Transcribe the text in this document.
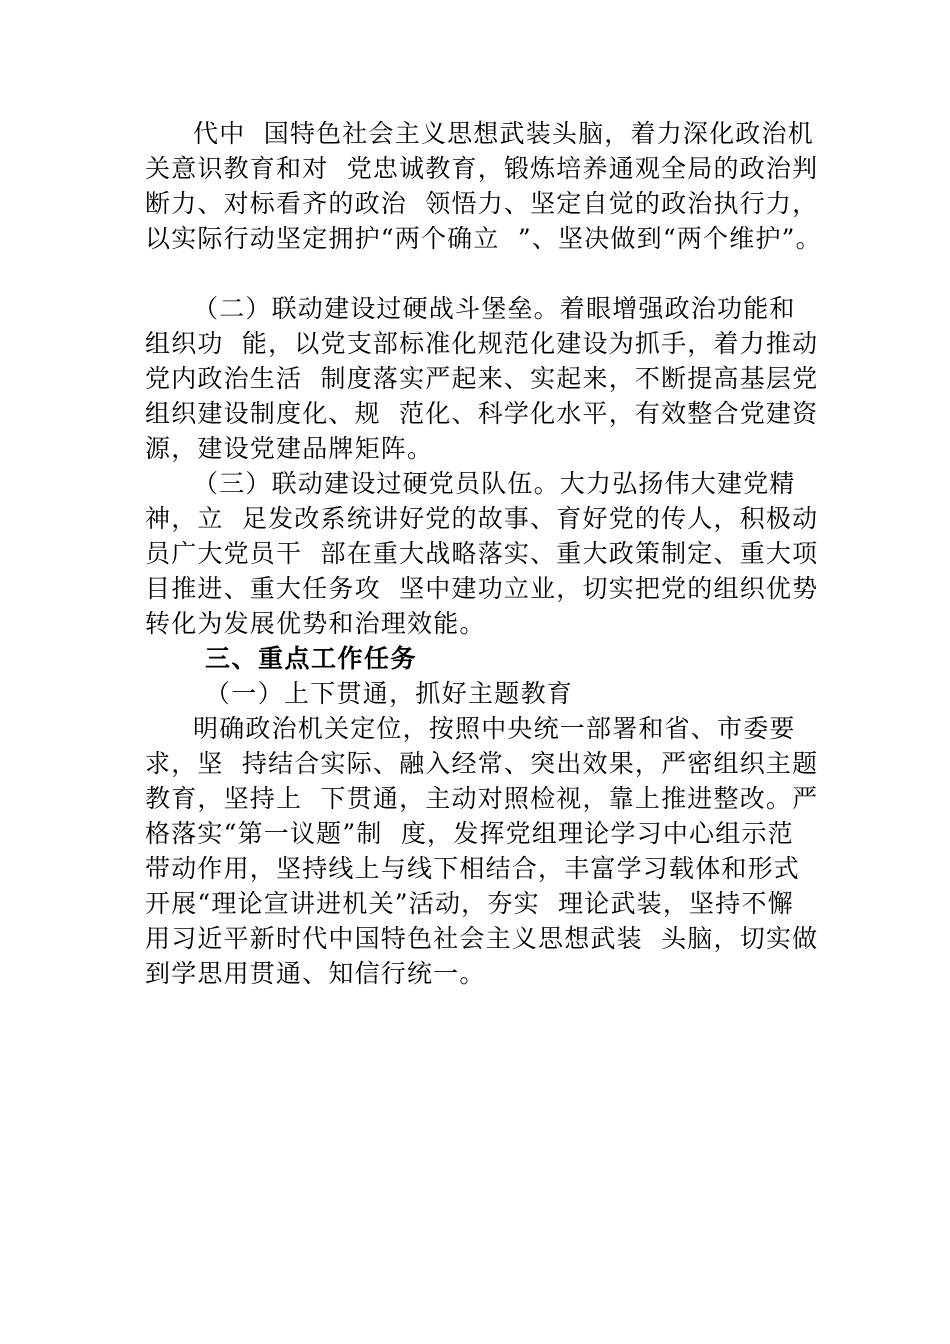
代中  国特色社会主义思想武装头脑，着力深化政治机
关意识教育和对  党忠诚教育，锻炼培养通观全局的政治判
断力、对标看齐的政治  领悟力、坚定自觉的政治执行力，
以实际行动坚定拥护“两个确立  ”、坚决做到“两个维护”。
（二）联动建设过硬战斗堡垒。着眼增强政治功能和
组织功  能，以党支部标准化规范化建设为抓手，着力推动
党内政治生活  制度落实严起来、实起来，不断提高基层党
组织建设制度化、规  范化、科学化水平，有效整合党建资
源，建设党建品牌矩阵。
（三）联动建设过硬党员队伍。大力弘扬伟大建党精
神，立  足发改系统讲好党的故事、育好党的传人，积极动
员广大党员干  部在重大战略落实、重大政策制定、重大项
目推进、重大任务攻  坚中建功立业，切实把党的组织优势
转化为发展优势和治理效能。
三、重点工作任务
（一）上下贯通，抓好主题教育
明确政治机关定位，按照中央统一部署和省、市委要
求，坚  持结合实际、融入经常、突出效果，严密组织主题
教育，坚持上  下贯通，主动对照检视，靠上推进整改。严
格落实“第一议题”制  度，发挥党组理论学习中心组示范
带动作用，坚持线上与线下相结合，丰富学习载体和形式
开展“理论宣讲进机关”活动，夯实  理论武装，坚持不懈
用习近平新时代中国特色社会主义思想武装  头脑，切实做
到学思用贯通、知信行统一。
